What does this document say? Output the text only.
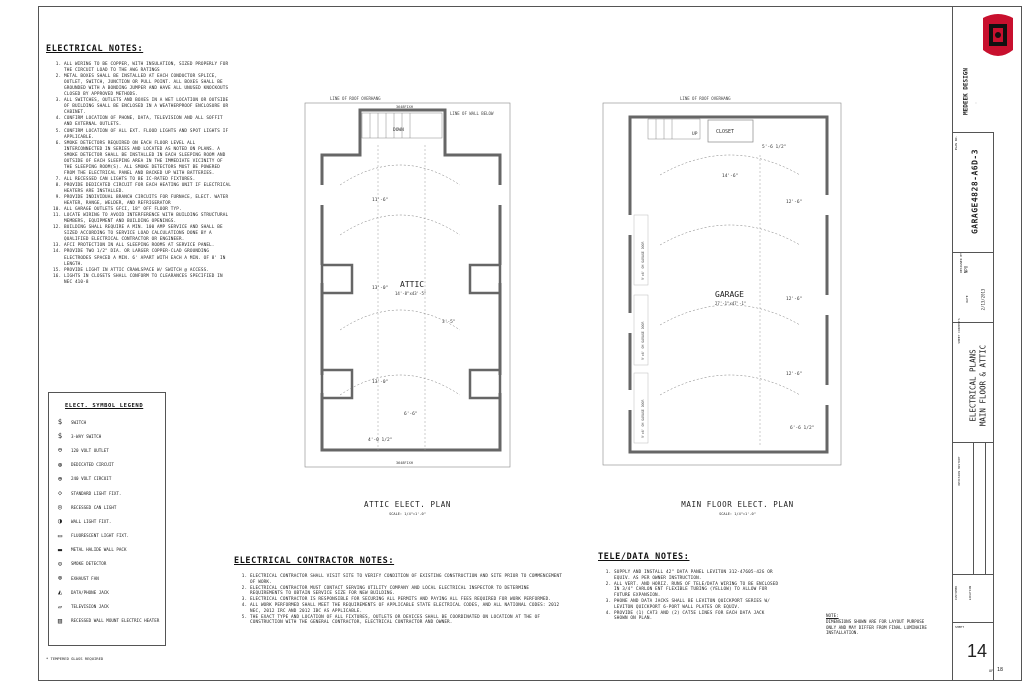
ELECTRICAL NOTES:
1. ALL WIRING TO BE COPPER, WITH INSULATION, SIZED PROPERLY FOR THE CIRCUIT LOAD TO THE AWG RATINGS
2. METAL BOXES SHALL BE INSTALLED AT EACH CONDUCTOR SPLICE, OUTLET, SWITCH, JUNCTION OR PULL POINT. ALL BOXES SHALL BE GROUNDED WITH A BONDING JUMPER AND HAVE ALL UNUSED KNOCKOUTS CLOSED BY APPROVED METHODS.
3. ALL SWITCHES, OUTLETS AND BOXES IN A WET LOCATION OR OUTSIDE OF BUILDING SHALL BE ENCLOSED IN A WEATHERPROOF ENCLOSURE OR CABINET.
4. CONFIRM LOCATION OF PHONE, DATA, TELEVISION AND ALL SOFFIT AND EXTERNAL OUTLETS.
5. CONFIRM LOCATION OF ALL EXT. FLOOD LIGHTS AND SPOT LIGHTS IF APPLICABLE.
6. SMOKE DETECTORS REQUIRED ON EACH FLOOR LEVEL ALL INTERCONNECTED IN SERIES AND LOCATED AS NOTED ON PLANS. A SMOKE DETECTOR SHALL BE INSTALLED IN EACH SLEEPING ROOM AND OUTSIDE OF EACH SLEEPING AREA IN THE IMMEDIATE VICINITY OF THE SLEEPING ROOM(S). ALL SMOKE DETECTORS MUST BE POWERED FROM THE ELECTRICAL PANEL AND BACKED UP WITH BATTERIES.
7. ALL RECESSED CAN LIGHTS TO BE IC-RATED FIXTURES.
8. PROVIDE DEDICATED CIRCUIT FOR EACH HEATING UNIT IF ELECTRICAL HEATERS ARE INSTALLED.
9. PROVIDE INDIVIDUAL BRANCH CIRCUITS FOR FURNACE, ELECT. WATER HEATER, RANGE, WELDER, AND REFRIGERATOR
10. ALL GARAGE OUTLETS GFCI, 18" OFF FLOOR TYP.
11. LOCATE WIRING TO AVOID INTERFERENCE WITH BUILDING STRUCTURAL MEMBERS, EQUIPMENT AND BUILDING OPENINGS.
12. BUILDING SHALL REQUIRE A MIN. 100 AMP SERVICE AND SHALL BE SIZED ACCORDING TO SERVICE LOAD CALCULATIONS DONE BY A QUALIFIED ELECTRICAL CONTRACTOR OR ENGINEER.
13. AFCI PROTECTION IN ALL SLEEPING ROOMS AT SERVICE PANEL.
14. PROVIDE TWO 1/2" DIA. OR LARGER COPPER-CLAD GROUNDING ELECTRODES SPACED A MIN. 6' APART WITH EACH A MIN. OF 8' IN LENGTH.
15. PROVIDE LIGHT IN ATTIC CRAWLSPACE W/ SWITCH @ ACCESS.
16. LIGHTS IN CLOSETS SHALL CONFORM TO CLEARANCES SPECIFIED IN NEC 410-8
ELECT. SYMBOL LEGEND
$	SWITCH
$	3-WAY SWITCH
⊖	120 VOLT OUTLET
⊛	DEDICATED CIRCUIT
⊕	240 VOLT CIRCUIT
◇	STANDARD LIGHT FIXT.
◎	RECESSED CAN LIGHT
◑	WALL LIGHT FIXT.
▭	FLUORESCENT LIGHT FIXT.
▬	METAL HALIDE WALL PACK
⊙	SMOKE DETECTOR
⊗	EXHAUST FAN
◭	DATA/PHONE JACK
▱	TELEVISION JACK
▥	RECESSED WALL MOUNT ELECTRIC HEATER
* TEMPERED GLASS REQUIRED
LINE OF ROOF OVERHANG
LINE OF WALL BELOW
DOWN
ATTIC
14'-8"x43'-5"
11'-6"
13'-0"
13'-0"
3'-5"
6'-6"
4'-0 1/2"
3648FIXH
3648FIXH
ATTIC ELECT. PLAN
SCALE: 1/4"=1'-0"
LINE OF ROOF OVERHANG
UP	CLOSET
9'x8' OH GARAGE DOOR
9'x8' OH GARAGE DOOR
9'x8' OH GARAGE DOOR
GARAGE
27'-1"x47'-1"
5'-6 1/2"
14'-6"
12'-6"
12'-6"
12'-6"
6'-6 1/2"
MAIN FLOOR ELECT. PLAN
SCALE: 1/4"=1'-0"
ELECTRICAL CONTRACTOR NOTES:
1. ELECTRICAL CONTRACTOR SHALL VISIT SITE TO VERIFY CONDITION OF EXISTING CONSTRUCTION AND SITE PRIOR TO COMMENCEMENT OF WORK.
2. ELECTRICAL CONTRACTOR MUST CONTACT SERVING UTILITY COMPANY AND LOCAL ELECTRICAL INSPECTOR TO DETERMINE REQUIREMENTS TO OBTAIN SERVICE SIZE FOR NEW BUILDING.
3. ELECTRICAL CONTRACTOR IS RESPONSIBLE FOR SECURING ALL PERMITS AND PAYING ALL FEES REQUIRED FOR WORK PERFORMED.
4. ALL WORK PERFORMED SHALL MEET THE REQUIREMENTS OF APPLICABLE STATE ELECTRICAL CODES, AND ALL NATIONAL CODES: 2012 NEC, 2012 IRC AND 2012 IBC AS APPLICABLE.
5. THE EXACT TYPE AND LOCATION OF ALL FIXTURES, OUTLETS OR DEVICES SHALL BE COORDINATED ON LOCATION AT THE OF CONSTRUCTION WITH THE GENERAL CONTRACTOR, ELECTRICAL CONTRACTOR AND OWNER.
TELE/DATA NOTES:
1. SUPPLY AND INSTALL 42" DATA PANEL LEVITON 312-47605-42G OR EQUIV. AS PER OWNER INSTRUCTION.
2. ALL VERT. AND HORIZ. RUNS OF TELE/DATA WIRING TO BE ENCLOSED IN 3/4" CARLON ENT FLEXIBLE TUBING (YELLOW) TO ALLOW FOR FUTURE EXPANSION.
3. PHONE AND DATA JACKS SHALL BE LEVITON QUICKPORT SERIES W/ LEVITON QUICKPORT 6-PORT WALL PLATES OR EQUIV.
4. PROVIDE (1) CAT3 AND (2) CAT5E LINES FOR EACH DATA JACK SHOWN ON PLAN.
NOTE:
DIMENSIONS SHOWN ARE FOR LAYOUT PURPOSE ONLY AND MAY DIFFER FROM FINAL LUMINAIRE INSTALLATION.
MEDEEK DESIGN ⁝
PLAN NO.
GARAGE4828-A6D-3
DESIGNED BY NPU
DATE	2/13/2013
SHEET CONTENTS
ELECTRICAL PLANS MAIN FLOOR & ATTIC
REVISION HISTORY
CUSTOMER	LOCATION
SHEET
14
OF 18
